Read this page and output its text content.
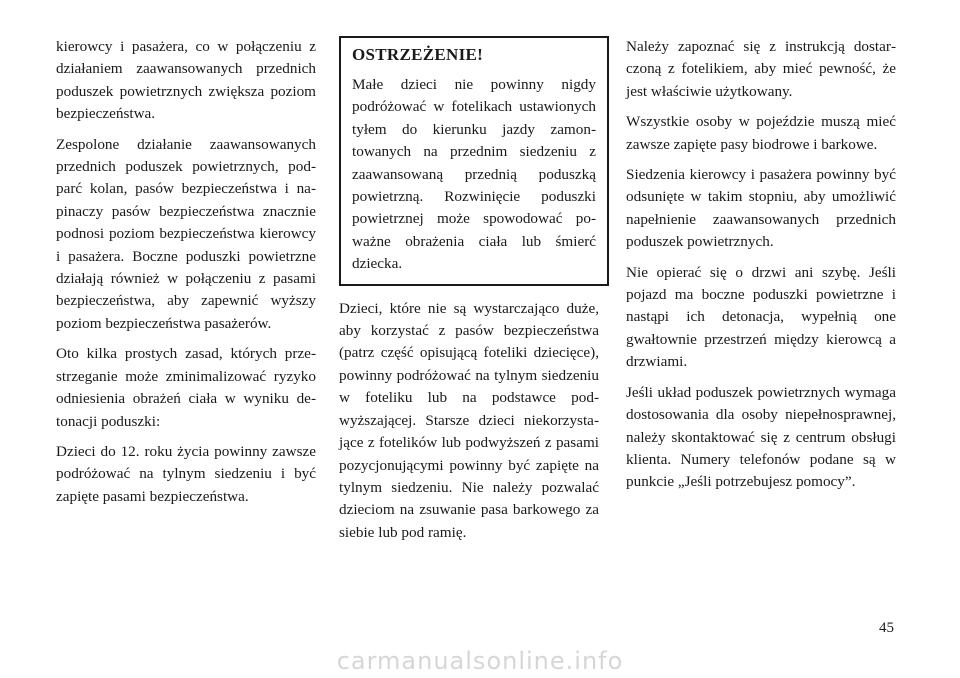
kierowcy i pasażera, co w połączeniu z działaniem zaawansowanych przednich poduszek powietrznych zwiększa poziom bezpieczeństwa.

Zespolone działanie zaawansowanych przednich poduszek powietrznych, podparć kolan, pasów bezpieczeństwa i napinaczy pasów bezpieczeństwa znacznie podnosi poziom bezpieczeństwa kierowcy i pasażera. Boczne poduszki powietrzne działają również w połączeniu z pasami bezpieczeństwa, aby zapewnić wyższy poziom bezpieczeństwa pasażerów.

Oto kilka prostych zasad, których przestrzeganie może zminimalizować ryzyko odniesienia obrażeń ciała w wyniku detonacji poduszki:

Dzieci do 12. roku życia powinny zawsze podróżować na tylnym siedzeniu i być zapięte pasami bezpieczeństwa.

OSTRZEŻENIE!

Małe dzieci nie powinny nigdy podróżować w fotelikach ustawionych tyłem do kierunku jazdy zamontowanych na przednim siedzeniu z zaawansowaną przednią poduszką powietrzną. Rozwinięcie poduszki powietrznej może spowodować poważne obrażenia ciała lub śmierć dziecka.

Dzieci, które nie są wystarczająco duże, aby korzystać z pasów bezpieczeństwa (patrz część opisującą foteliki dziecięce), powinny podróżować na tylnym siedzeniu w foteliku lub na podstawce podwyższającej. Starsze dzieci niekorzystające z fotelików lub podwyższeń z pasami pozycjonującymi powinny być zapięte na tylnym siedzeniu. Nie należy pozwalać dzieciom na zsuwanie pasa barkowego za siebie lub pod ramię.

Należy zapoznać się z instrukcją dostarczoną z fotelikiem, aby mieć pewność, że jest właściwie użytkowany.

Wszystkie osoby w pojeździe muszą mieć zawsze zapięte pasy biodrowe i barkowe.

Siedzenia kierowcy i pasażera powinny być odsunięte w takim stopniu, aby umożliwić napełnienie zaawansowanych przednich poduszek powietrznych.

Nie opierać się o drzwi ani szybę. Jeśli pojazd ma boczne poduszki powietrzne i nastąpi ich detonacja, wypełnią one gwałtownie przestrzeń między kierowcą a drzwiami.

Jeśli układ poduszek powietrznych wymaga dostosowania dla osoby niepełnosprawnej, należy skontaktować się z centrum obsługi klienta. Numery telefonów podane są w punkcie „Jeśli potrzebujesz pomocy”.

45
carmanualsonline.info
